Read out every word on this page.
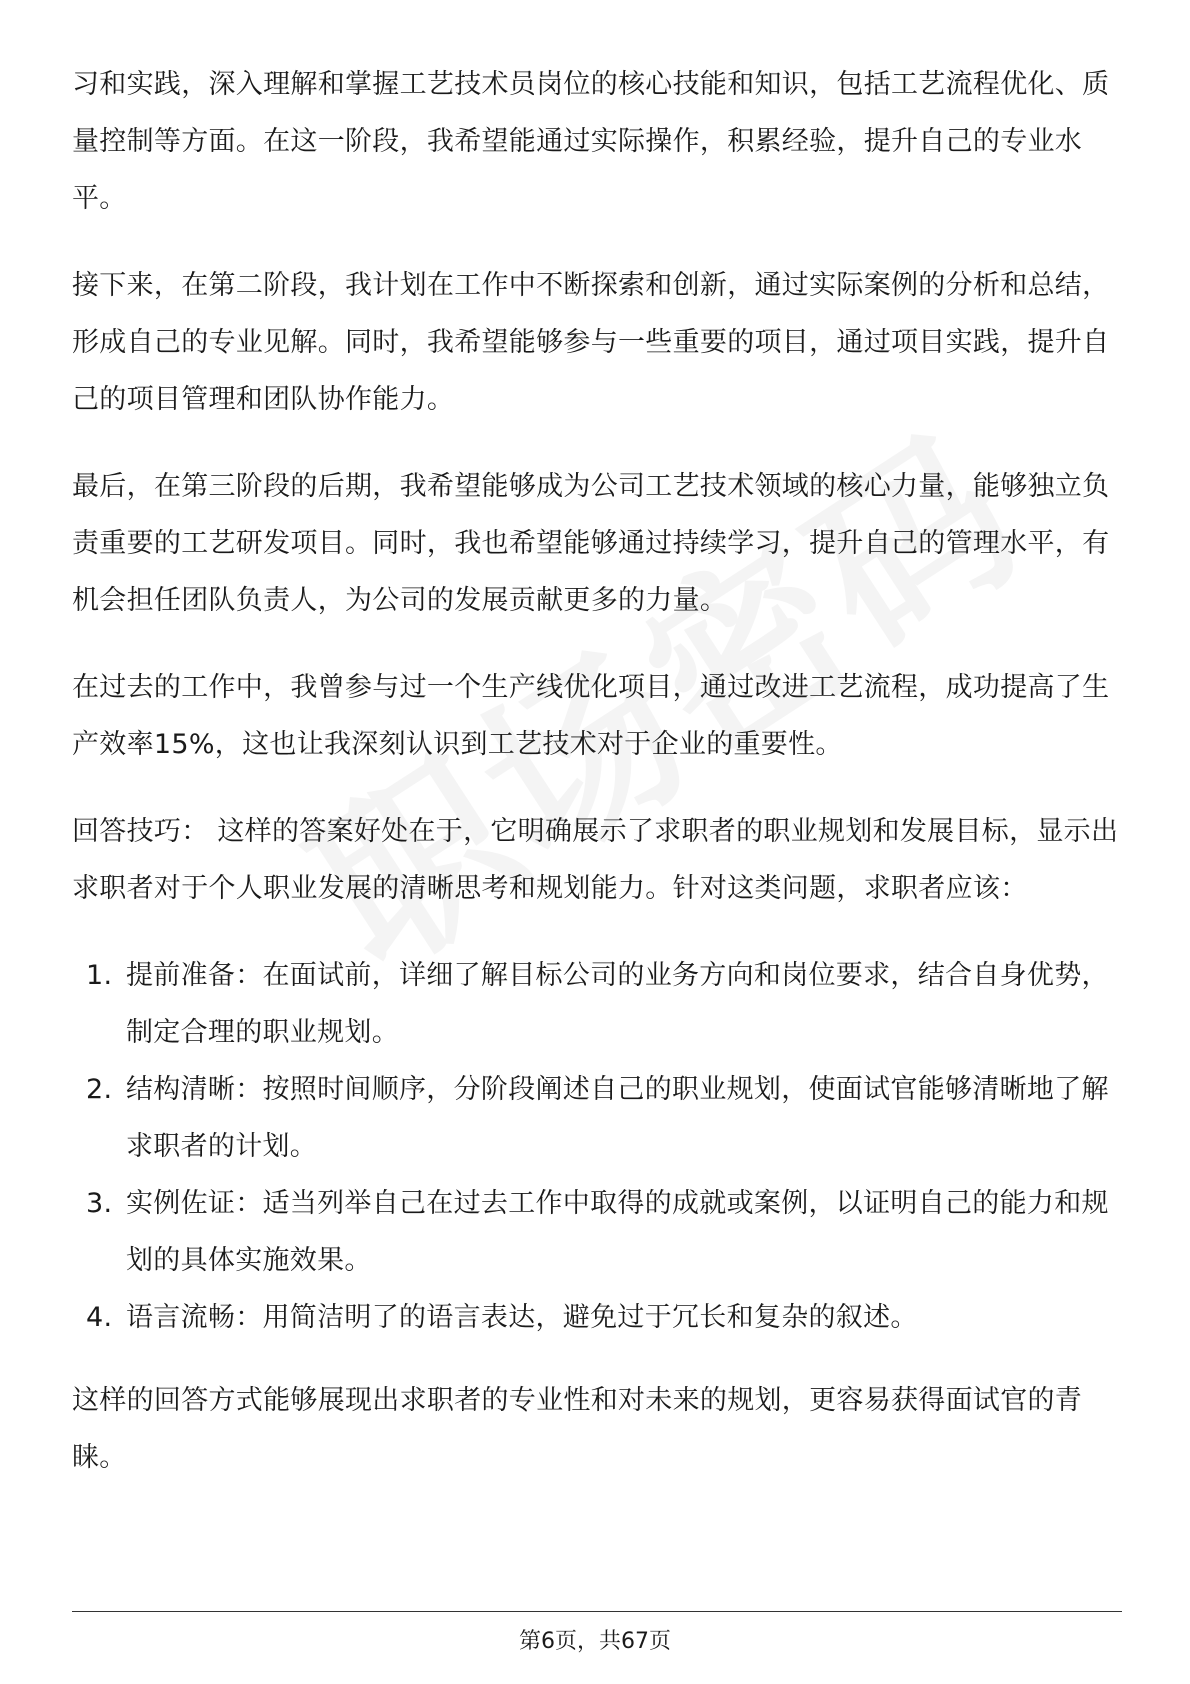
习和实践，深入理解和掌握工艺技术员岗位的核心技能和知识，包括工艺流程优化、质量控制等方面。在这一阶段，我希望能通过实际操作，积累经验，提升自己的专业水平。

接下来，在第二阶段，我计划在工作中不断探索和创新，通过实际案例的分析和总结，形成自己的专业见解。同时，我希望能够参与一些重要的项目，通过项目实践，提升自己的项目管理和团队协作能力。

最后，在第三阶段的后期，我希望能够成为公司工艺技术领域的核心力量，能够独立负责重要的工艺研发项目。同时，我也希望能够通过持续学习，提升自己的管理水平，有机会担任团队负责人，为公司的发展贡献更多的力量。

在过去的工作中，我曾参与过一个生产线优化项目，通过改进工艺流程，成功提高了生产效率15%，这也让我深刻认识到工艺技术对于企业的重要性。

回答技巧： 这样的答案好处在于，它明确展示了求职者的职业规划和发展目标，显示出求职者对于个人职业发展的清晰思考和规划能力。针对这类问题，求职者应该：

1. 提前准备：在面试前，详细了解目标公司的业务方向和岗位要求，结合自身优势，制定合理的职业规划。
2. 结构清晰：按照时间顺序，分阶段阐述自己的职业规划，使面试官能够清晰地了解求职者的计划。
3. 实例佐证：适当列举自己在过去工作中取得的成就或案例，以证明自己的能力和规划的具体实施效果。
4. 语言流畅：用简洁明了的语言表达，避免过于冗长和复杂的叙述。

这样的回答方式能够展现出求职者的专业性和对未来的规划，更容易获得面试官的青睐。

第6页，共67页
